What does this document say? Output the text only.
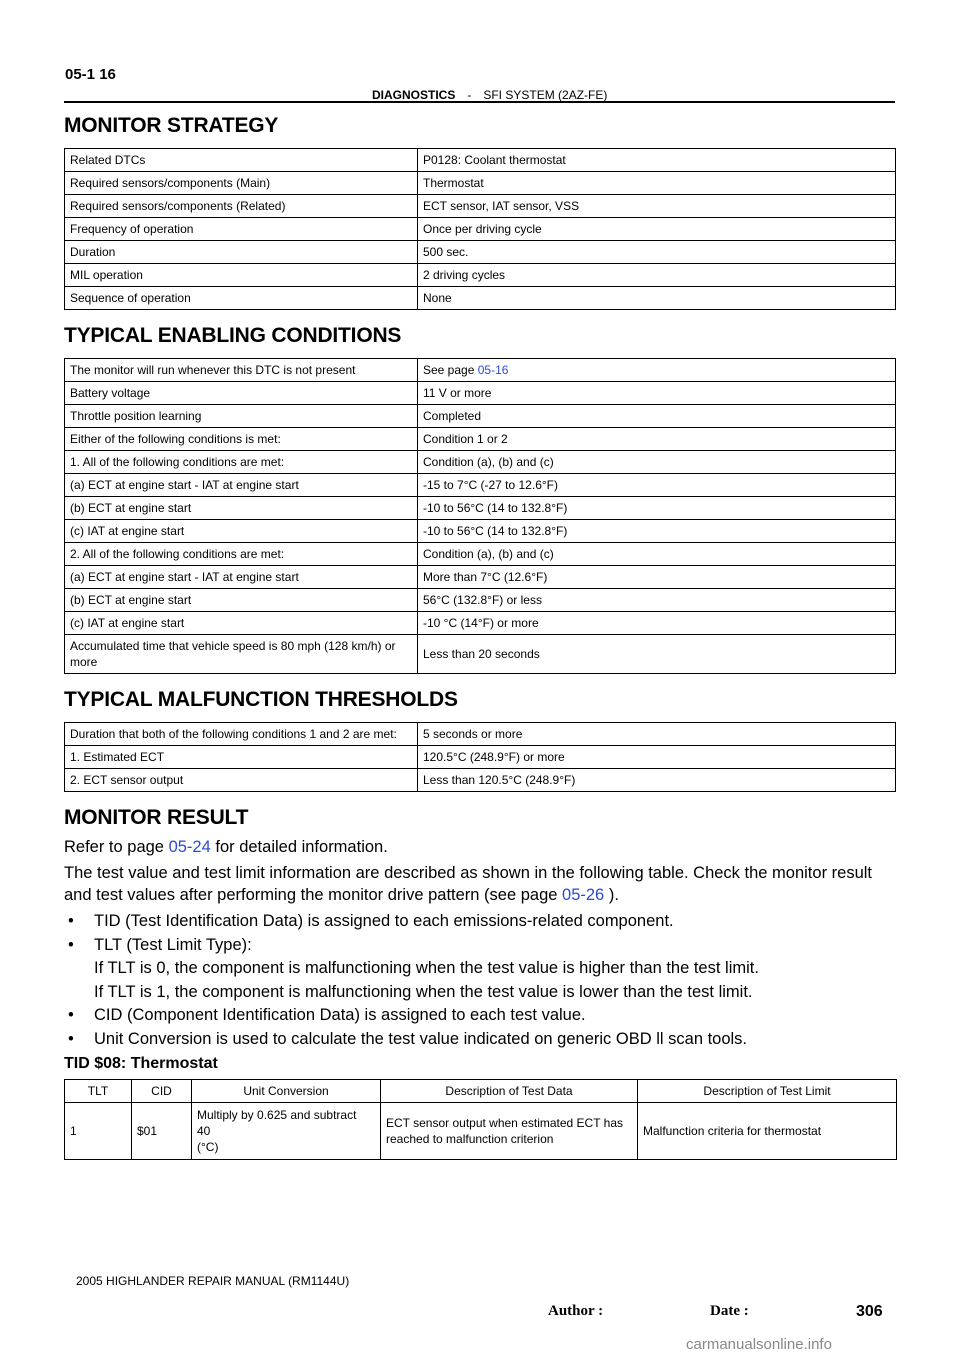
05-1 16
DIAGNOSTICS - SFI SYSTEM (2AZ-FE)
MONITOR STRATEGY
Related DTCs	P0128: Coolant thermostat
Required sensors/components (Main)	Thermostat
Required sensors/components (Related)	ECT sensor, IAT sensor, VSS
Frequency of operation	Once per driving cycle
Duration	500 sec.
MIL operation	2 driving cycles
Sequence of operation	None
TYPICAL ENABLING CONDITIONS
The monitor will run whenever this DTC is not present	See page 05-16
Battery voltage	11 V or more
Throttle position learning	Completed
Either of the following conditions is met:	Condition 1 or 2
1. All of the following conditions are met:	Condition (a), (b) and (c)
(a) ECT at engine start - IAT at engine start	-15 to 7°C (-27 to 12.6°F)
(b) ECT at engine start	-10 to 56°C (14 to 132.8°F)
(c) IAT at engine start	-10 to 56°C (14 to 132.8°F)
2. All of the following conditions are met:	Condition (a), (b) and (c)
(a) ECT at engine start - IAT at engine start	More than 7°C (12.6°F)
(b) ECT at engine start	56°C (132.8°F) or less
(c) IAT at engine start	-10 °C (14°F) or more
Accumulated time that vehicle speed is 80 mph (128 km/h) or more	Less than 20 seconds
TYPICAL MALFUNCTION THRESHOLDS
Duration that both of the following conditions 1 and 2 are met:	5 seconds or more
1. Estimated ECT	120.5°C (248.9°F) or more
2. ECT sensor output	Less than 120.5°C (248.9°F)
MONITOR RESULT

Refer to page 05-24 for detailed information.

The test value and test limit information are described as shown in the following table. Check the monitor result and test values after performing the monitor drive pattern (see page 05-26 ).

• TID (Test Identification Data) is assigned to each emissions-related component.
• TLT (Test Limit Type):
If TLT is 0, the component is malfunctioning when the test value is higher than the test limit.
If TLT is 1, the component is malfunctioning when the test value is lower than the test limit.
• CID (Component Identification Data) is assigned to each test value.
• Unit Conversion is used to calculate the test value indicated on generic OBD ll scan tools.
TID $08: Thermostat
TLT	CID	Unit Conversion	Description of Test Data	Description of Test Limit
1	$01	Multiply by 0.625 and subtract
40
(°C)	ECT sensor output when estimated ECT has reached to malfunction criterion	Malfunction criteria for thermostat
2005 HIGHLANDER REPAIR MANUAL (RM1144U)
Author :	Date :	306
carmanualsonline.info
